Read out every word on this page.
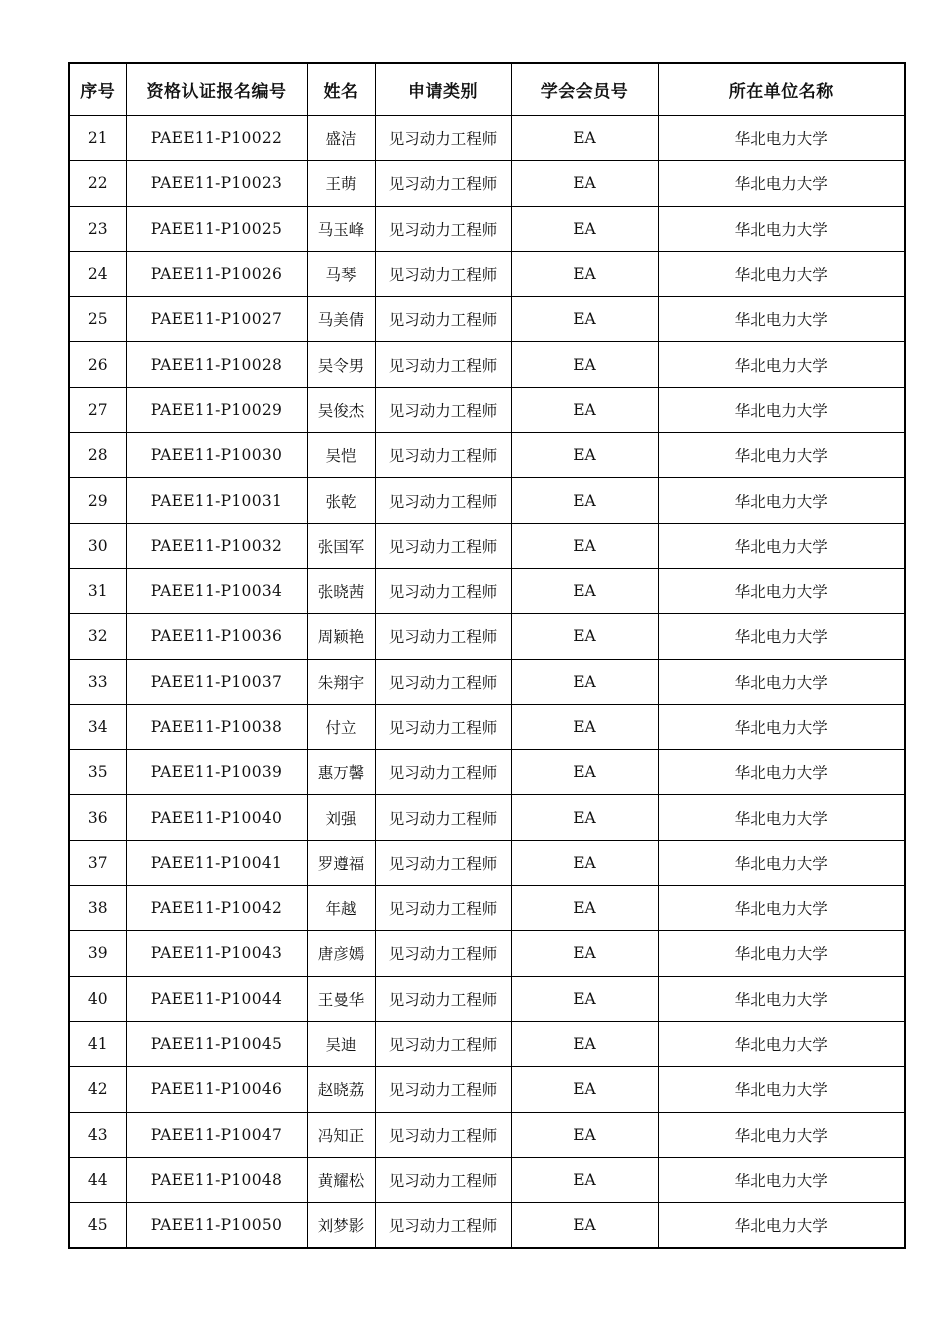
序号	资格认证报名编号	姓名	申请类别	学会会员号	所在单位名称
21	PAEE11-P10022	盛洁	见习动力工程师	EA	华北电力大学
22	PAEE11-P10023	王萌	见习动力工程师	EA	华北电力大学
23	PAEE11-P10025	马玉峰	见习动力工程师	EA	华北电力大学
24	PAEE11-P10026	马琴	见习动力工程师	EA	华北电力大学
25	PAEE11-P10027	马美倩	见习动力工程师	EA	华北电力大学
26	PAEE11-P10028	吴令男	见习动力工程师	EA	华北电力大学
27	PAEE11-P10029	吴俊杰	见习动力工程师	EA	华北电力大学
28	PAEE11-P10030	吴恺	见习动力工程师	EA	华北电力大学
29	PAEE11-P10031	张乾	见习动力工程师	EA	华北电力大学
30	PAEE11-P10032	张国军	见习动力工程师	EA	华北电力大学
31	PAEE11-P10034	张晓茜	见习动力工程师	EA	华北电力大学
32	PAEE11-P10036	周颖艳	见习动力工程师	EA	华北电力大学
33	PAEE11-P10037	朱翔宇	见习动力工程师	EA	华北电力大学
34	PAEE11-P10038	付立	见习动力工程师	EA	华北电力大学
35	PAEE11-P10039	惠万馨	见习动力工程师	EA	华北电力大学
36	PAEE11-P10040	刘强	见习动力工程师	EA	华北电力大学
37	PAEE11-P10041	罗遵福	见习动力工程师	EA	华北电力大学
38	PAEE11-P10042	年越	见习动力工程师	EA	华北电力大学
39	PAEE11-P10043	唐彦嫣	见习动力工程师	EA	华北电力大学
40	PAEE11-P10044	王曼华	见习动力工程师	EA	华北电力大学
41	PAEE11-P10045	吴迪	见习动力工程师	EA	华北电力大学
42	PAEE11-P10046	赵晓荔	见习动力工程师	EA	华北电力大学
43	PAEE11-P10047	冯知正	见习动力工程师	EA	华北电力大学
44	PAEE11-P10048	黄耀松	见习动力工程师	EA	华北电力大学
45	PAEE11-P10050	刘梦影	见习动力工程师	EA	华北电力大学
